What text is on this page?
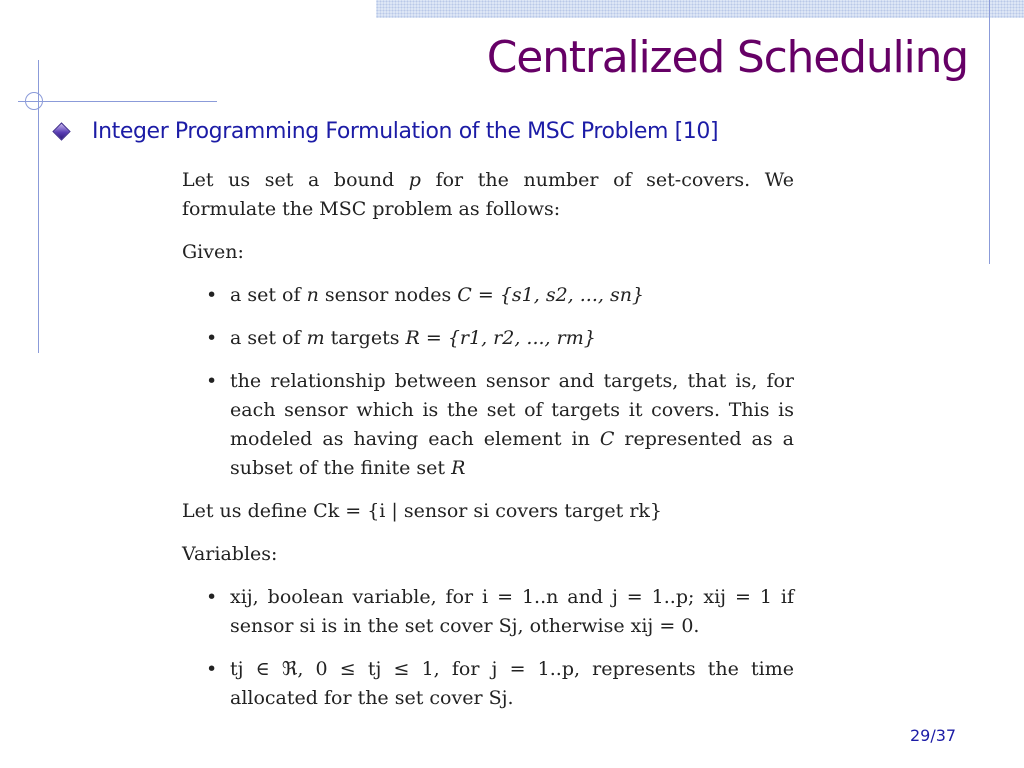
Centralized Scheduling
Integer Programming Formulation of the MSC Problem [10]

Let us set a bound p for the number of set-covers. We formulate the MSC problem as follows:

Given:

• a set of n sensor nodes C = {s1, s2, ..., sn}
• a set of m targets R = {r1, r2, ..., rm}
• the relationship between sensor and targets, that is, for each sensor which is the set of targets it covers. This is modeled as having each element in C represented as a subset of the finite set R

Let us define Ck = {i | sensor si covers target rk}

Variables:

• xij, boolean variable, for i = 1..n and j = 1..p; xij = 1 if sensor si is in the set cover Sj, otherwise xij = 0.
• tj ∈ ℜ, 0 ≤ tj ≤ 1, for j = 1..p, represents the time allocated for the set cover Sj.
29/37
